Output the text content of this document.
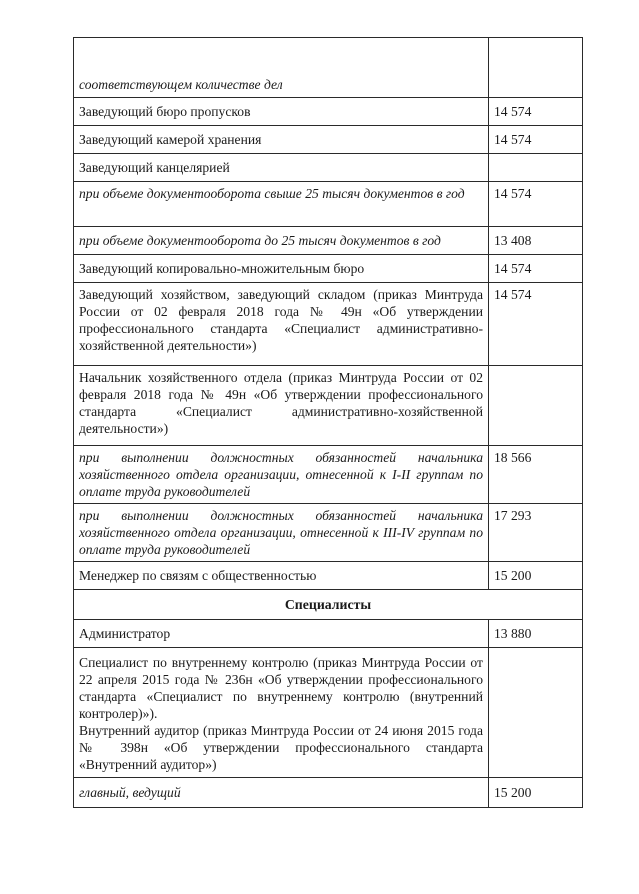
соответствующем количестве дел	
Заведующий бюро пропусков	14 574
Заведующий камерой хранения	14 574
Заведующий канцелярией	
при объеме документооборота свыше 25 тысяч документов в год	14 574
при объеме документооборота до 25 тысяч документов в год	13 408
Заведующий копировально-множительным бюро	14 574
Заведующий хозяйством, заведующий складом (приказ Минтруда России от 02 февраля 2018 года № 49н «Об утверждении профессионального стандарта «Специалист административно-хозяйственной деятельности»)	14 574
Начальник хозяйственного отдела (приказ Минтруда России от 02 февраля 2018 года № 49н «Об утверждении профессионального стандарта «Специалист административно-хозяйственной деятельности»)	
при выполнении должностных обязанностей начальника хозяйственного отдела организации, отнесенной к I-II группам по оплате труда руководителей	18 566
при выполнении должностных обязанностей начальника хозяйственного отдела организации, отнесенной к III-IV группам по оплате труда руководителей	17 293
Менеджер по связям с общественностью	15 200
Специалисты	
Администратор	13 880

Специалист по внутреннему контролю (приказ Минтруда России от 22 апреля 2015 года № 236н «Об утверждении профессионального стандарта «Специалист по внутреннему контролю (внутренний контролер)»).
Внутренний аудитор (приказ Минтруда России от 24 июня 2015 года № 398н «Об утверждении профессионального стандарта «Внутренний аудитор»)	

главный, ведущий	15 200
